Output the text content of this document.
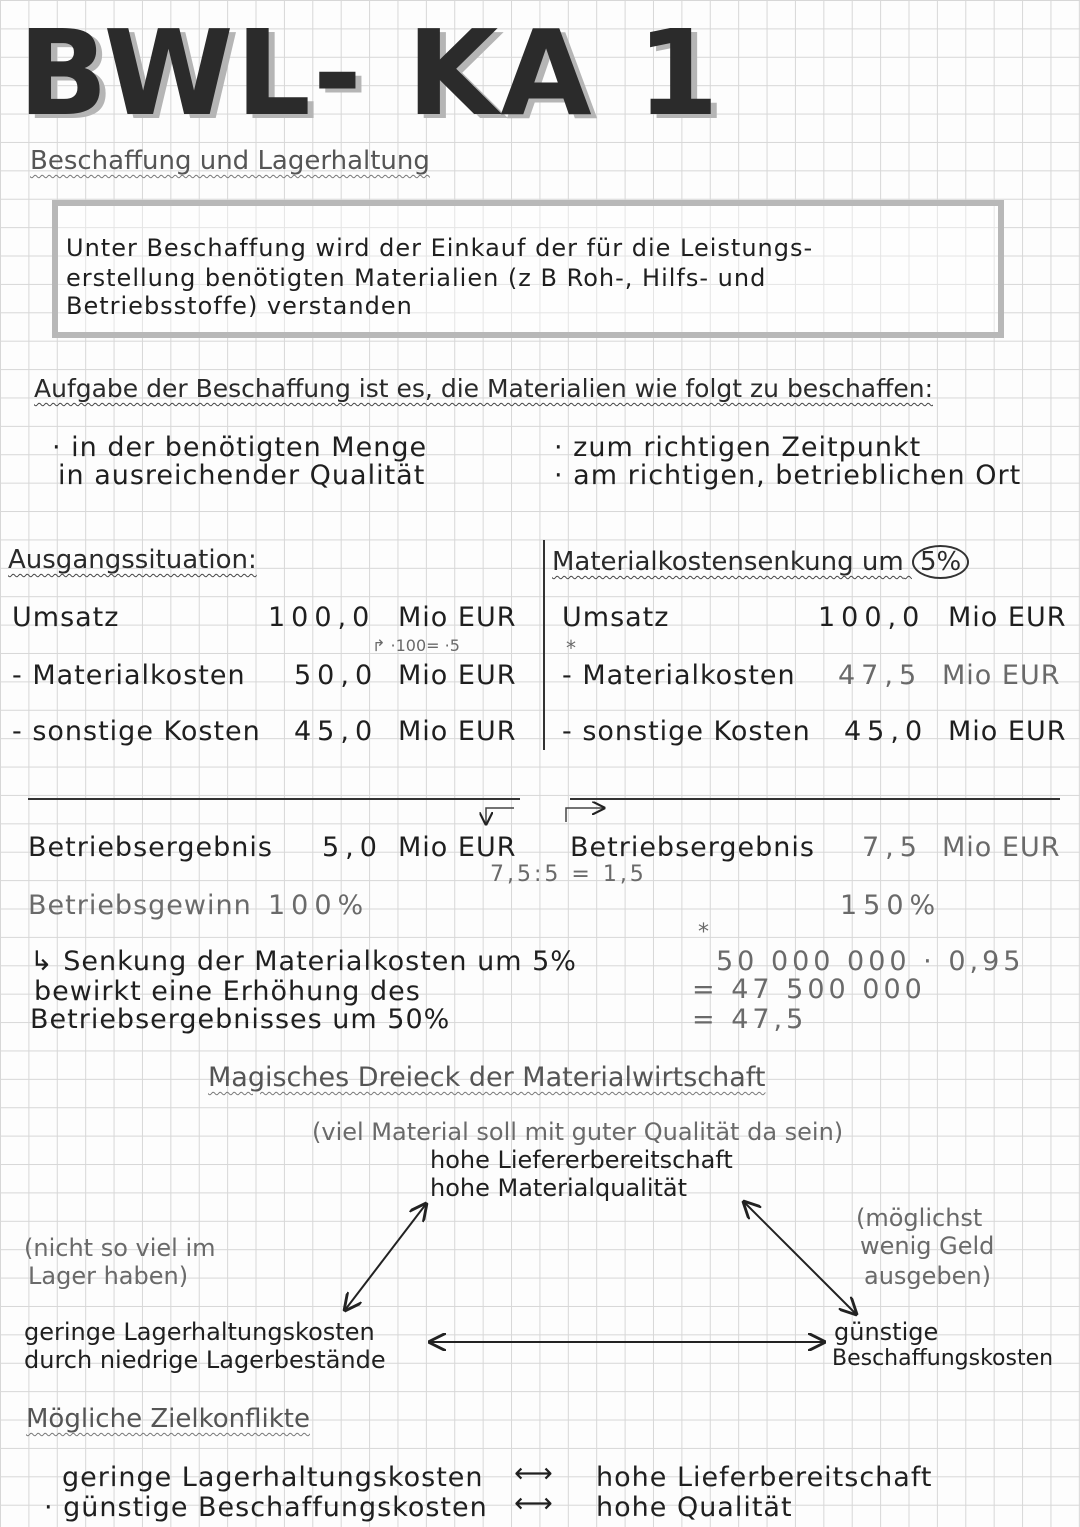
BWL- KA 1
Beschaffung und Lagerhaltung

Unter Beschaffung wird der Einkauf der für die Leistungs-

erstellung benötigten Materialien (z B Roh-, Hilfs- und

Betriebsstoffe) verstanden

Aufgabe der Beschaffung ist es, die Materialien wie folgt zu beschaffen:
· in der benötigten Menge
in ausreichender Qualität
· zum richtigen Zeitpunkt
· am richtigen, betrieblichen Ort
Ausgangssituation:
Umsatz	100,0 Mio EUR
↱ ·100= ·5
- Materialkosten 50,0 Mio EUR
- sonstige Kosten 45,0 Mio EUR
Materialkostensenkung um 5%
Umsatz	100,0 Mio EUR
*
- Materialkosten 47,5 Mio EUR
- sonstige Kosten 45,0 Mio EUR
Betriebsergebnis 5,0 Mio EUR Betriebsergebnis 7,5 Mio EUR
7,5:5 = 1,5
Betriebsgewinn 100%	150%
↳ Senkung der Materialkosten um 5%
bewirkt eine Erhöhung des
Betriebsergebnisses um 50%
*
50 000 000 · 0,95
= 47 500 000
= 47,5
Magisches Dreieck der Materialwirtschaft
(viel Material soll mit guter Qualität da sein)
hohe Liefererbereitschaft
hohe Materialqualität
(nicht so viel im
Lager haben)
geringe Lagerhaltungskosten
durch niedrige Lagerbestände
(möglichst
wenig Geld
ausgeben)
günstige
Beschaffungskosten
Mögliche Zielkonflikte
geringe Lagerhaltungskosten ⟷ hohe Lieferbereitschaft
· günstige Beschaffungskosten ⟷ hohe Qualität
